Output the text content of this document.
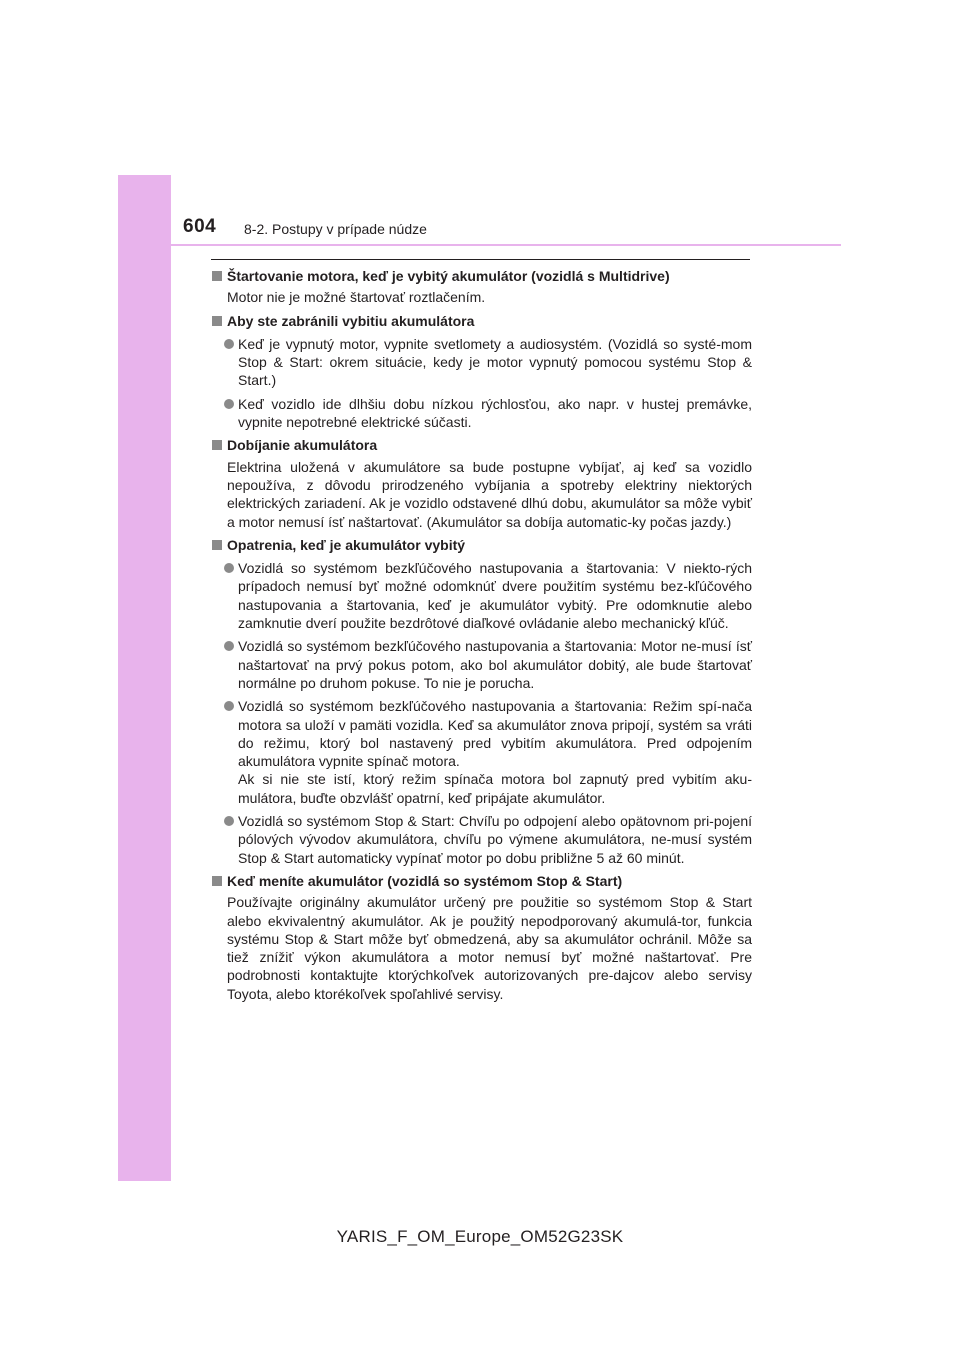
604 8-2. Postupy v prípade núdze
Štartovanie motora, keď je vybitý akumulátor (vozidlá s Multidrive)
Motor nie je možné štartovať roztlačením.
Aby ste zabránili vybitiu akumulátora
Keď je vypnutý motor, vypnite svetlomety a audiosystém. (Vozidlá so systé-mom Stop & Start: okrem situácie, kedy je motor vypnutý pomocou systému Stop & Start.)
Keď vozidlo ide dlhšiu dobu nízkou rýchlosťou, ako napr. v hustej premávke, vypnite nepotrebné elektrické súčasti.
Dobíjanie akumulátora
Elektrina uložená v akumulátore sa bude postupne vybíjať, aj keď sa vozidlo nepoužíva, z dôvodu prirodzeného vybíjania a spotreby elektriny niektorých elektrických zariadení. Ak je vozidlo odstavené dlhú dobu, akumulátor sa môže vybiť a motor nemusí ísť naštartovať. (Akumulátor sa dobíja automatic-ky počas jazdy.)
Opatrenia, keď je akumulátor vybitý
Vozidlá so systémom bezkľúčového nastupovania a štartovania: V niekto-rých prípadoch nemusí byť možné odomknúť dvere použitím systému bez-kľúčového nastupovania a štartovania, keď je akumulátor vybitý. Pre odomknutie alebo zamknutie dverí použite bezdrôtové diaľkové ovládanie alebo mechanický kľúč.
Vozidlá so systémom bezkľúčového nastupovania a štartovania: Motor ne-musí ísť naštartovať na prvý pokus potom, ako bol akumulátor dobitý, ale bude štartovať normálne po druhom pokuse. To nie je porucha.
Vozidlá so systémom bezkľúčového nastupovania a štartovania: Režim spí-nača motora sa uloží v pamäti vozidla. Keď sa akumulátor znova pripojí, systém sa vráti do režimu, ktorý bol nastavený pred vybitím akumulátora. Pred odpojením akumulátora vypnite spínač motora.
Ak si nie ste istí, ktorý režim spínača motora bol zapnutý pred vybitím aku-mulátora, buďte obzvlášť opatrní, keď pripájate akumulátor.
Vozidlá so systémom Stop & Start: Chvíľu po odpojení alebo opätovnom pri-pojení pólových vývodov akumulátora, chvíľu po výmene akumulátora, ne-musí systém Stop & Start automaticky vypínať motor po dobu približne 5 až 60 minút.
Keď meníte akumulátor (vozidlá so systémom Stop & Start)
Používajte originálny akumulátor určený pre použitie so systémom Stop & Start alebo ekvivalentný akumulátor. Ak je použitý nepodporovaný akumulá-tor, funkcia systému Stop & Start môže byť obmedzená, aby sa akumulátor ochránil. Môže sa tiež znížiť výkon akumulátora a motor nemusí byť možné naštartovať. Pre podrobnosti kontaktujte ktorýchkoľvek autorizovaných pre-dajcov alebo servisy Toyota, alebo ktorékoľvek spoľahlivé servisy.
YARIS_F_OM_Europe_OM52G23SK
